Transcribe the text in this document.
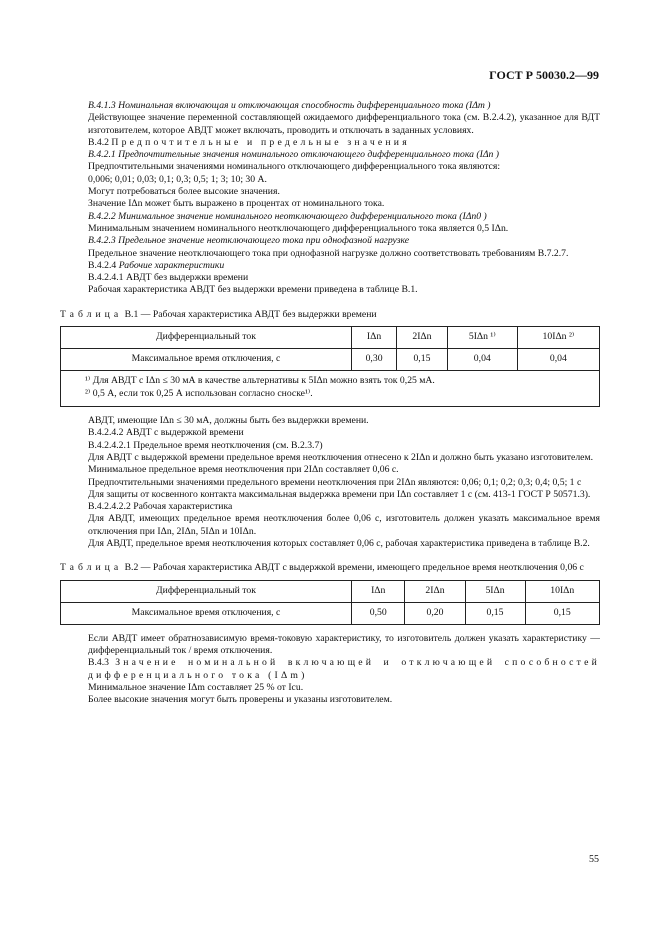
ГОСТ Р 50030.2—99

В.4.1.3 Номинальная включающая и отключающая способность дифференциального тока (IΔm )

Действующее значение переменной составляющей ожидаемого дифференциального тока (см. В.2.4.2), указанное для ВДТ изготовителем, которое АВДТ может включать, проводить и отключать в заданных условиях.

В.4.2 Предпочтительные и предельные значения

В.4.2.1 Предпочтительные значения номинального отключающего дифференциального тока (IΔn )

Предпочтительными значениями номинального отключающего дифференциального тока являются:

0,006; 0,01; 0,03; 0,1; 0,3; 0,5; 1; 3; 10; 30 А.

Могут потребоваться более высокие значения.

Значение IΔn может быть выражено в процентах от номинального тока.

В.4.2.2 Минимальное значение номинального неотключающего дифференциального тока (IΔn0 )

Минимальным значением номинального неотключающего дифференциального тока является 0,5 IΔn.

В.4.2.3 Предельное значение неотключающего тока при однофазной нагрузке

Предельное значение неотключающего тока при однофазной нагрузке должно соответствовать требованиям В.7.2.7.

В.4.2.4 Рабочие характеристики

В.4.2.4.1 АВДТ без выдержки времени

Рабочая характеристика АВДТ без выдержки времени приведена в таблице В.1.

Таблица В.1 — Рабочая характеристика АВДТ без выдержки времени

Дифференциальный ток	IΔn	2IΔn	5IΔn ¹⁾	10IΔn ²⁾
Максимальное время отключения, с	0,30	0,15	0,04	0,04

¹⁾ Для АВДТ с IΔn ≤ 30 мА в качестве альтернативы к 5IΔn можно взять ток 0,25 мА.
²⁾ 0,5 А, если ток 0,25 А использован согласно сноске¹⁾.				

АВДТ, имеющие IΔn ≤ 30 мА, должны быть без выдержки времени.

В.4.2.4.2 АВДТ с выдержкой времени

В.4.2.4.2.1 Предельное время неотключения (см. В.2.3.7)

Для АВДТ с выдержкой времени предельное время неотключения отнесено к 2IΔn и должно быть указано изготовителем.

Минимальное предельное время неотключения при 2IΔn составляет 0,06 с.

Предпочтительными значениями предельного времени неотключения при 2IΔn являются: 0,06; 0,1; 0,2; 0,3; 0,4; 0,5; 1 с

Для защиты от косвенного контакта максимальная выдержка времени при IΔn составляет 1 с (см. 413-1 ГОСТ Р 50571.3).

В.4.2.4.2.2 Рабочая характеристика

Для АВДТ, имеющих предельное время неотключения более 0,06 с, изготовитель должен указать максимальное время отключения при IΔn, 2IΔn, 5IΔn и 10IΔn.

Для АВДТ, предельное время неотключения которых составляет 0,06 с, рабочая характеристика приведена в таблице В.2.

Таблица В.2 — Рабочая характеристика АВДТ с выдержкой времени, имеющего предельное время неотключения 0,06 с

Дифференциальный ток	IΔn	2IΔn	5IΔn	10IΔn
Максимальное время отключения, с	0,50	0,20	0,15	0,15

Если АВДТ имеет обратнозависимую время-токовую характеристику, то изготовитель должен указать характеристику — дифференциальный ток / время отключения.

В.4.3 Значение номинальной включающей и отключающей способностей дифференциального тока (IΔm)

Минимальное значение IΔm составляет 25 % от Icu.

Более высокие значения могут быть проверены и указаны изготовителем.

55
